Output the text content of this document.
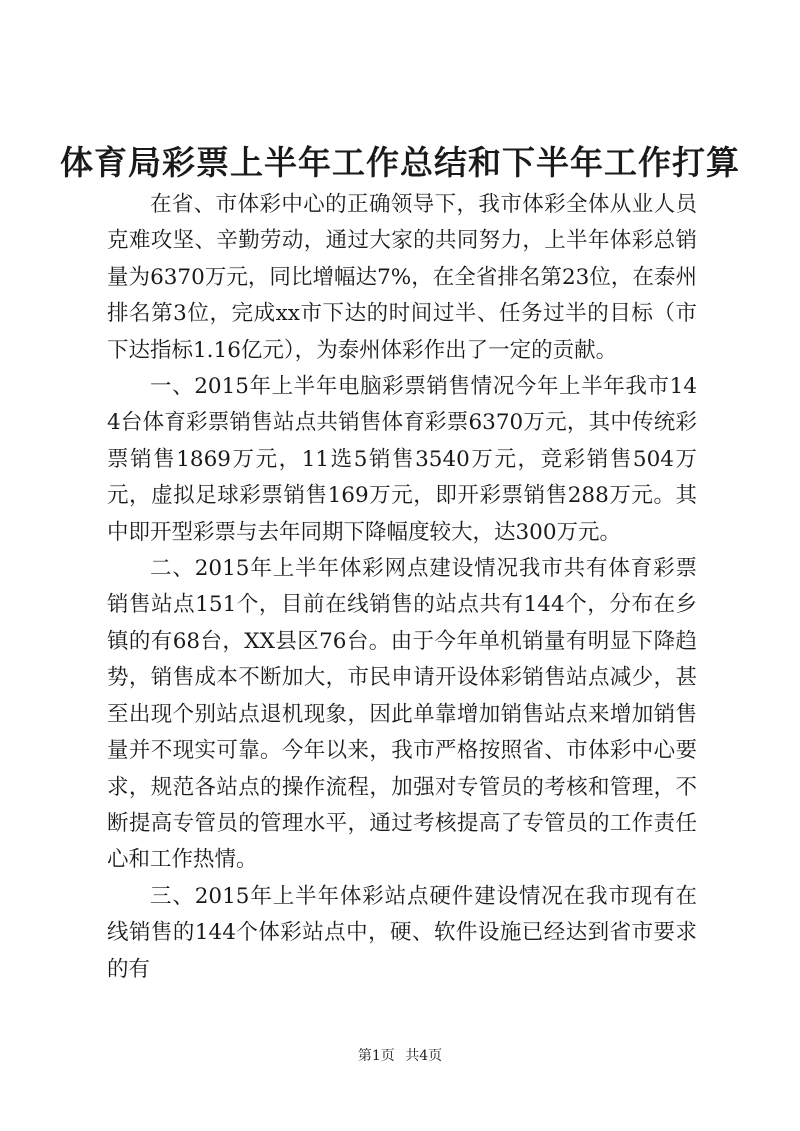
体育局彩票上半年工作总结和下半年工作打算

在省、市体彩中心的正确领导下，我市体彩全体从业人员克难攻坚、辛勤劳动，通过大家的共同努力，上半年体彩总销量为6370万元，同比增幅达7%，在全省排名第23位，在泰州排名第3位，完成xx市下达的时间过半、任务过半的目标（市下达指标1.16亿元），为泰州体彩作出了一定的贡献。

一、2015年上半年电脑彩票销售情况今年上半年我市144台体育彩票销售站点共销售体育彩票6370万元，其中传统彩票销售1869万元，11选5销售3540万元，竞彩销售504万元，虚拟足球彩票销售169万元，即开彩票销售288万元。其中即开型彩票与去年同期下降幅度较大，达300万元。

二、2015年上半年体彩网点建设情况我市共有体育彩票销售站点151个，目前在线销售的站点共有144个，分布在乡镇的有68台，XX县区76台。由于今年单机销量有明显下降趋势，销售成本不断加大，市民申请开设体彩销售站点减少，甚至出现个别站点退机现象，因此单靠增加销售站点来增加销售量并不现实可靠。今年以来，我市严格按照省、市体彩中心要求，规范各站点的操作流程，加强对专管员的考核和管理，不断提高专管员的管理水平，通过考核提高了专管员的工作责任心和工作热情。

三、2015年上半年体彩站点硬件建设情况在我市现有在线销售的144个体彩站点中，硬、软件设施已经达到省市要求的有

第1页 共4页
